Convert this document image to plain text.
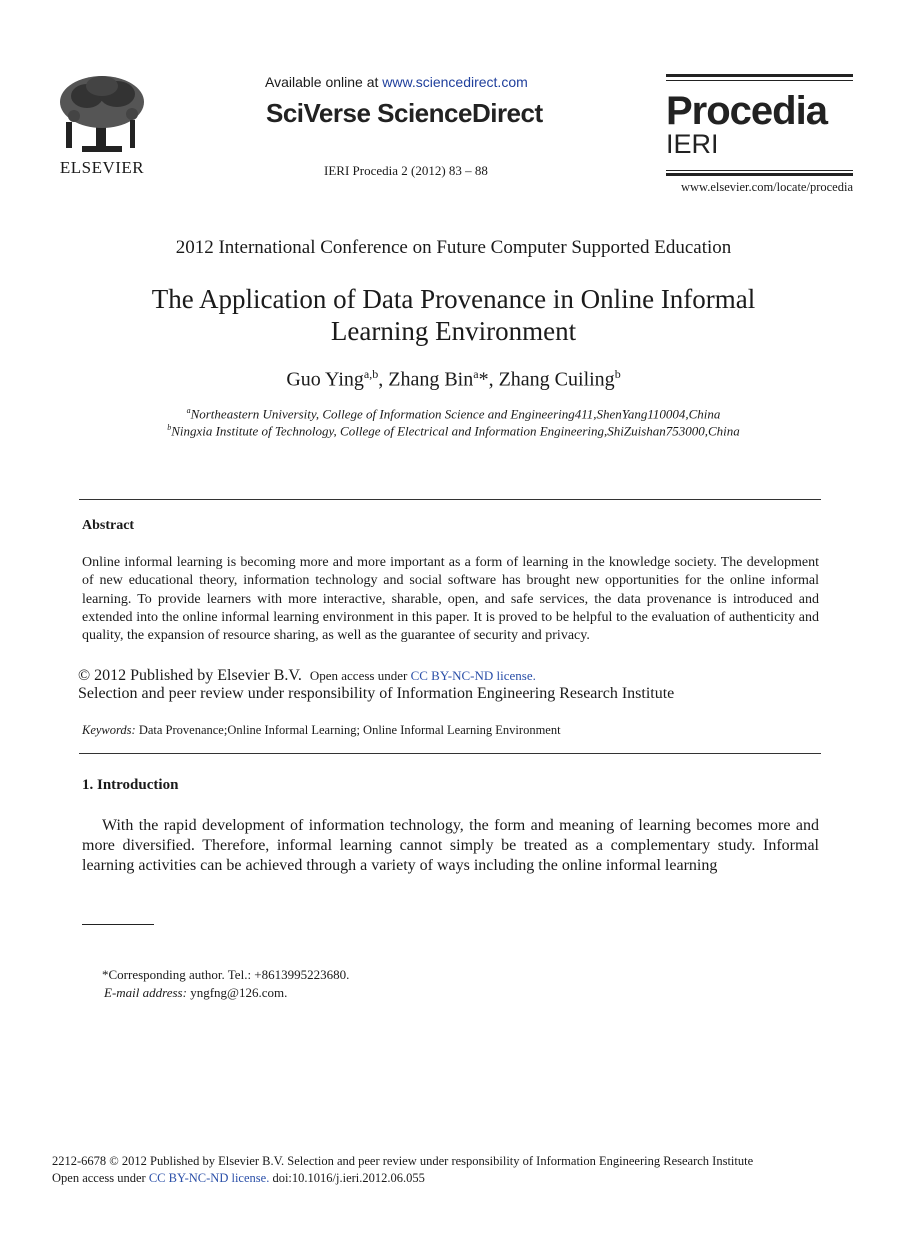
ELSEVIER
Available online at www.sciencedirect.com
SciVerse ScienceDirect
IERI Procedia 2 (2012) 83 – 88
Procedia
IERI
www.elsevier.com/locate/procedia
2012 International Conference on Future Computer Supported Education
The Application of Data Provenance in Online Informal
Learning Environment
Guo Ying$^{a,b}$, Zhang Bin$^a$*, Zhang Cuiling$^b$
$^a$Northeastern University, College of Information Science and Engineering411,ShenYang110004,China
$^b$Ningxia Institute of Technology, College of Electrical and Information Engineering,ShiZuishan753000,China
Abstract
Online informal learning is becoming more and more important as a form of learning in the knowledge society. The development of new educational theory, information technology and social software has brought new opportunities for the online informal learning. To provide learners with more interactive, sharable, open, and safe services, the data provenance is introduced and extended into the online informal learning environment in this paper. It is proved to be helpful to the evaluation of authenticity and quality, the expansion of resource sharing, as well as the guarantee of security and privacy.
© 2012 Published by Elsevier B.V. Open access under CC BY-NC-ND license.
Selection and peer review under responsibility of Information Engineering Research Institute
Keywords: Data Provenance;Online Informal Learning; Online Informal Learning Environment
1. Introduction
With the rapid development of information technology, the form and meaning of learning becomes more and more diversified. Therefore, informal learning cannot simply be treated as a complementary study. Informal learning activities can be achieved through a variety of ways including the online informal learning
*Corresponding author. Tel.: +8613995223680.
E-mail address: yngfng@126.com.
2212-6678 © 2012 Published by Elsevier B.V. Selection and peer review under responsibility of Information Engineering Research Institute
Open access under CC BY-NC-ND license. doi:10.1016/j.ieri.2012.06.055
